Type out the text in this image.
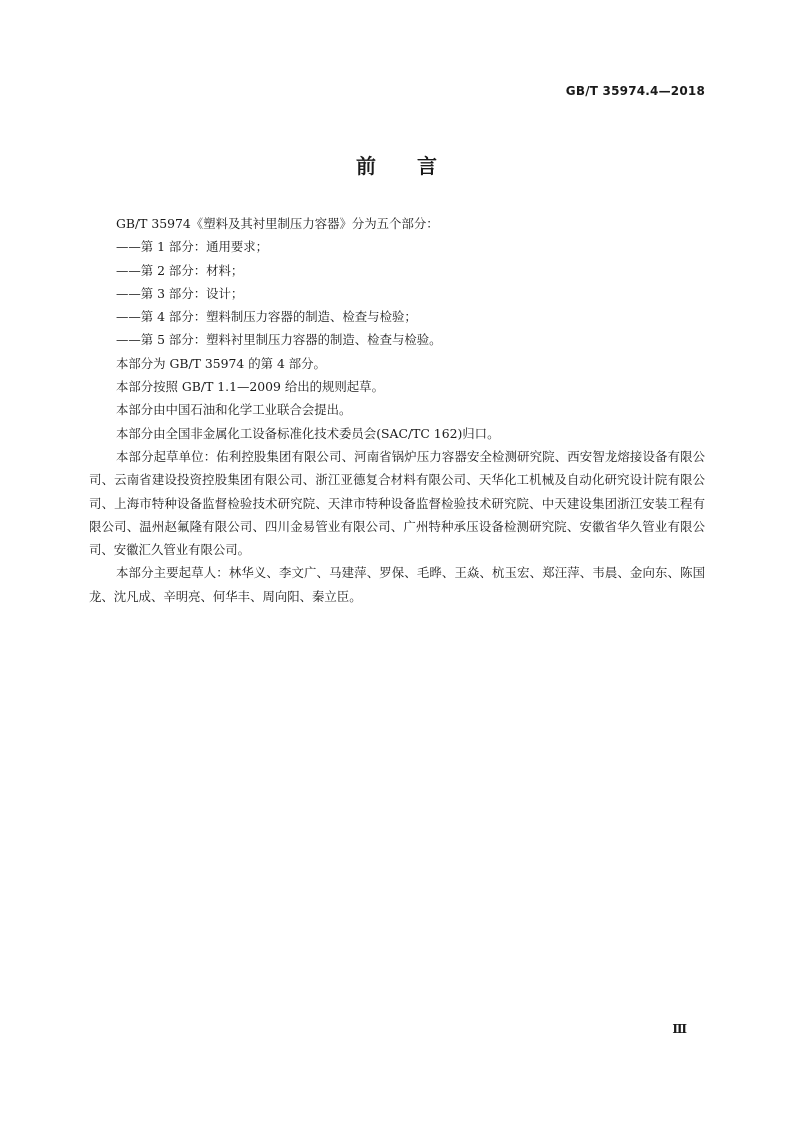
GB/T 35974.4—2018
前 言

GB/T 35974《塑料及其衬里制压力容器》分为五个部分：

——第 1 部分：通用要求；

——第 2 部分：材料；

——第 3 部分：设计；

——第 4 部分：塑料制压力容器的制造、检查与检验；

——第 5 部分：塑料衬里制压力容器的制造、检查与检验。

本部分为 GB/T 35974 的第 4 部分。

本部分按照 GB/T 1.1—2009 给出的规则起草。

本部分由中国石油和化学工业联合会提出。

本部分由全国非金属化工设备标准化技术委员会(SAC/TC 162)归口。

本部分起草单位：佑利控股集团有限公司、河南省锅炉压力容器安全检测研究院、西安智龙熔接设备有限公司、云南省建设投资控股集团有限公司、浙江亚德复合材料有限公司、天华化工机械及自动化研究设计院有限公司、上海市特种设备监督检验技术研究院、天津市特种设备监督检验技术研究院、中天建设集团浙江安装工程有限公司、温州赵氟隆有限公司、四川金易管业有限公司、广州特种承压设备检测研究院、安徽省华久管业有限公司、安徽汇久管业有限公司。

本部分主要起草人：林华义、李文广、马建萍、罗保、毛晔、王焱、杭玉宏、郑汪萍、韦晨、金向东、陈国龙、沈凡成、辛明亮、何华丰、周向阳、秦立臣。

Ⅲ
